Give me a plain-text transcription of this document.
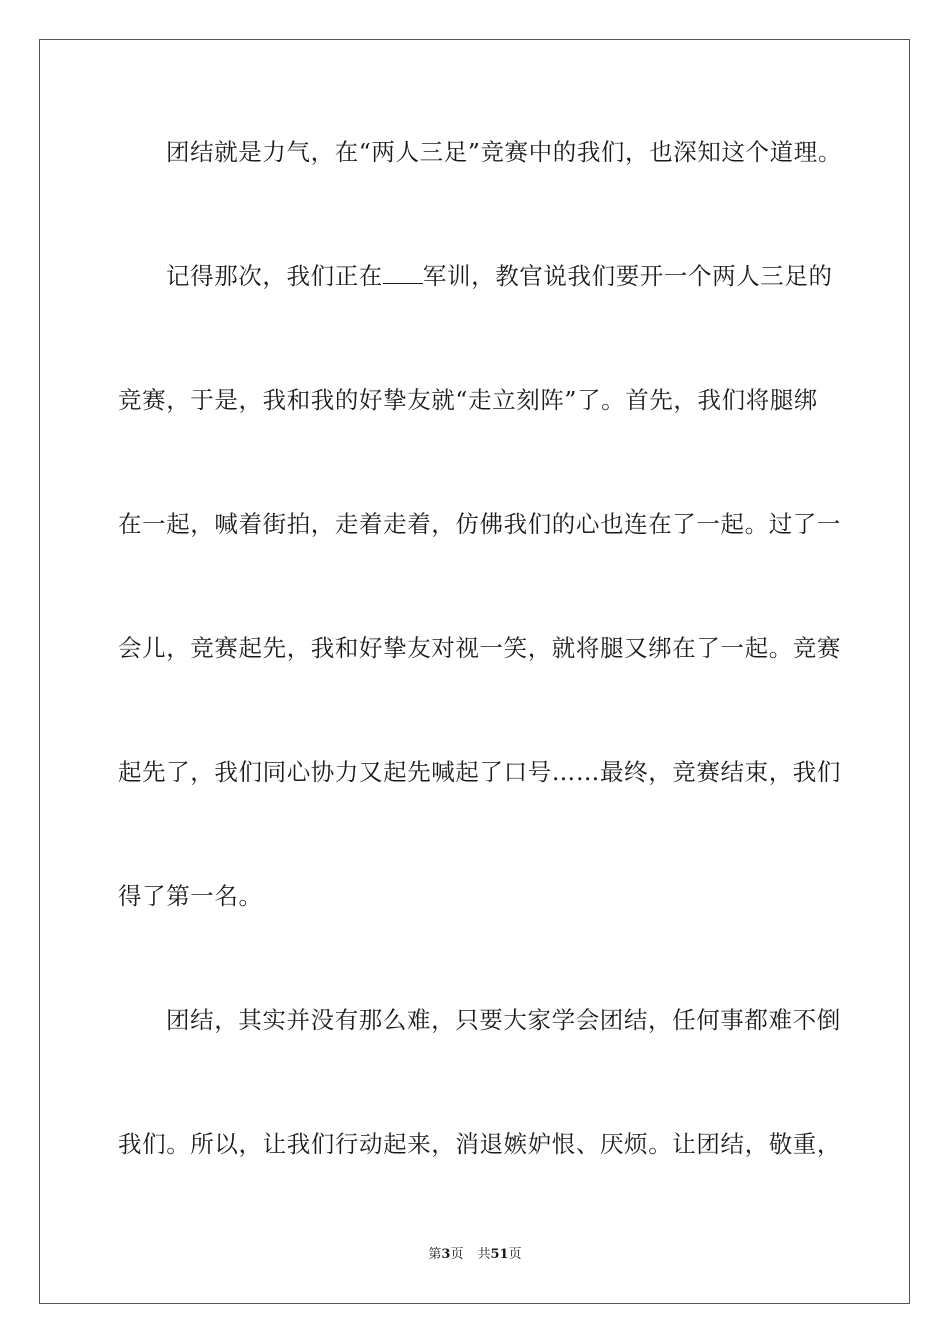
团结就是力气，在“两人三足”竞赛中的我们，也深知这个道理。
记得那次，我们正在 军训，教官说我们要开一个两人三足的
竞赛，于是，我和我的好挚友就“走立刻阵”了。首先，我们将腿绑
在一起，喊着街拍，走着走着，仿佛我们的心也连在了一起。过了一
会儿，竞赛起先，我和好挚友对视一笑，就将腿又绑在了一起。竞赛
起先了，我们同心协力又起先喊起了口号……最终，竞赛结束，我们
得了第一名。
团结，其实并没有那么难，只要大家学会团结，任何事都难不倒
我们。所以，让我们行动起来，消退嫉妒恨、厌烦。让团结，敬重，
第3页 共51页
